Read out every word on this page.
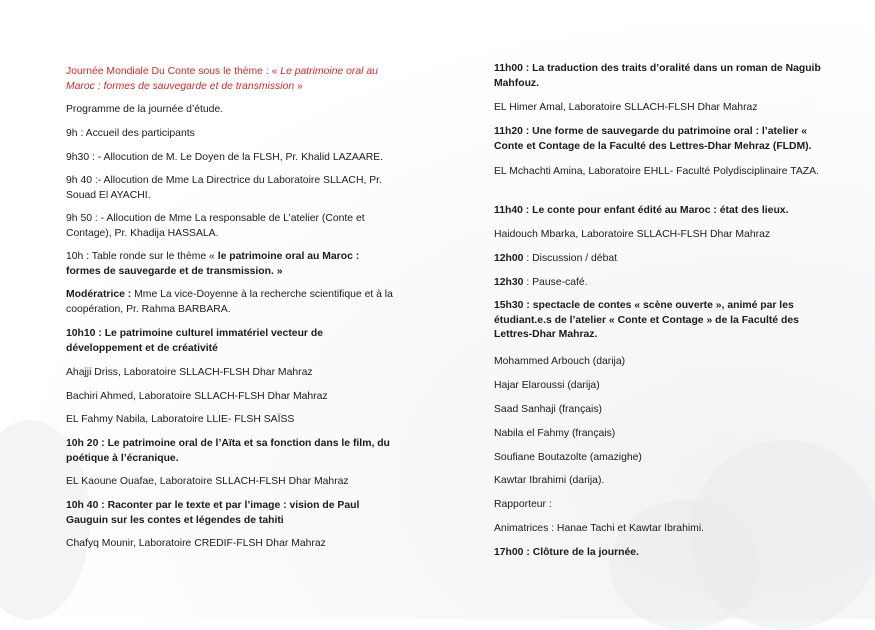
Journée Mondiale Du Conte sous le thème : « Le patrimoine oral au Maroc : formes de sauvegarde et de transmission »

Programme de la journée d’étude.

9h : Accueil des participants

9h30 : - Allocution de M. Le Doyen de la FLSH, Pr. Khalid LAZAARE.

9h 40 :- Allocution de Mme La Directrice du Laboratoire SLLACH, Pr. Souad El AYACHI.

9h 50 : - Allocution de Mme La responsable de L’atelier (Conte et Contage), Pr. Khadija HASSALA.

10h : Table ronde sur le thème « le patrimoine oral au Maroc : formes de sauvegarde et de transmission. »

Modératrice : Mme La vice-Doyenne à la recherche scientifique et à la coopération, Pr. Rahma BARBARA.

10h10 : Le patrimoine culturel immatériel vecteur de développement et de créativité

Ahajji Driss, Laboratoire SLLACH-FLSH Dhar Mahraz

Bachiri Ahmed, Laboratoire SLLACH-FLSH Dhar Mahraz

EL Fahmy Nabila, Laboratoire LLIE- FLSH SAÏSS

10h 20 : Le patrimoine oral de l’Aïta et sa fonction dans le film, du poétique à l’écranique.

EL Kaoune Ouafae, Laboratoire SLLACH-FLSH Dhar Mahraz

10h 40 : Raconter par le texte et par l’image : vision de Paul Gauguin sur les contes et légendes de tahiti

Chafyq Mounir, Laboratoire CREDIF-FLSH Dhar Mahraz

11h00 : La traduction des traits d’oralité dans un roman de Naguib Mahfouz.

EL Himer Amal, Laboratoire SLLACH-FLSH Dhar Mahraz

11h20 : Une forme de sauvegarde du patrimoine oral : l’atelier « Conte et Contage de la Faculté des Lettres-Dhar Mehraz (FLDM).

EL Mchachti Amina, Laboratoire EHLL- Faculté Polydisciplinaire TAZA.

11h40 : Le conte pour enfant édité au Maroc : état des lieux.

Haidouch Mbarka, Laboratoire SLLACH-FLSH Dhar Mahraz

12h00 : Discussion / débat

12h30 : Pause-café.

15h30 : spectacle de contes « scène ouverte », animé par les étudiant.e.s de l’atelier « Conte et Contage » de la Faculté des Lettres-Dhar Mahraz.

Mohammed Arbouch (darija)

Hajar Elaroussi (darija)

Saad Sanhaji (français)

Nabila el Fahmy (français)

Soufiane Boutazolte (amazighe)

Kawtar Ibrahimi (darija).

Rapporteur :

Animatrices : Hanae Tachi et Kawtar Ibrahimi.

17h00 : Clôture de la journée.
